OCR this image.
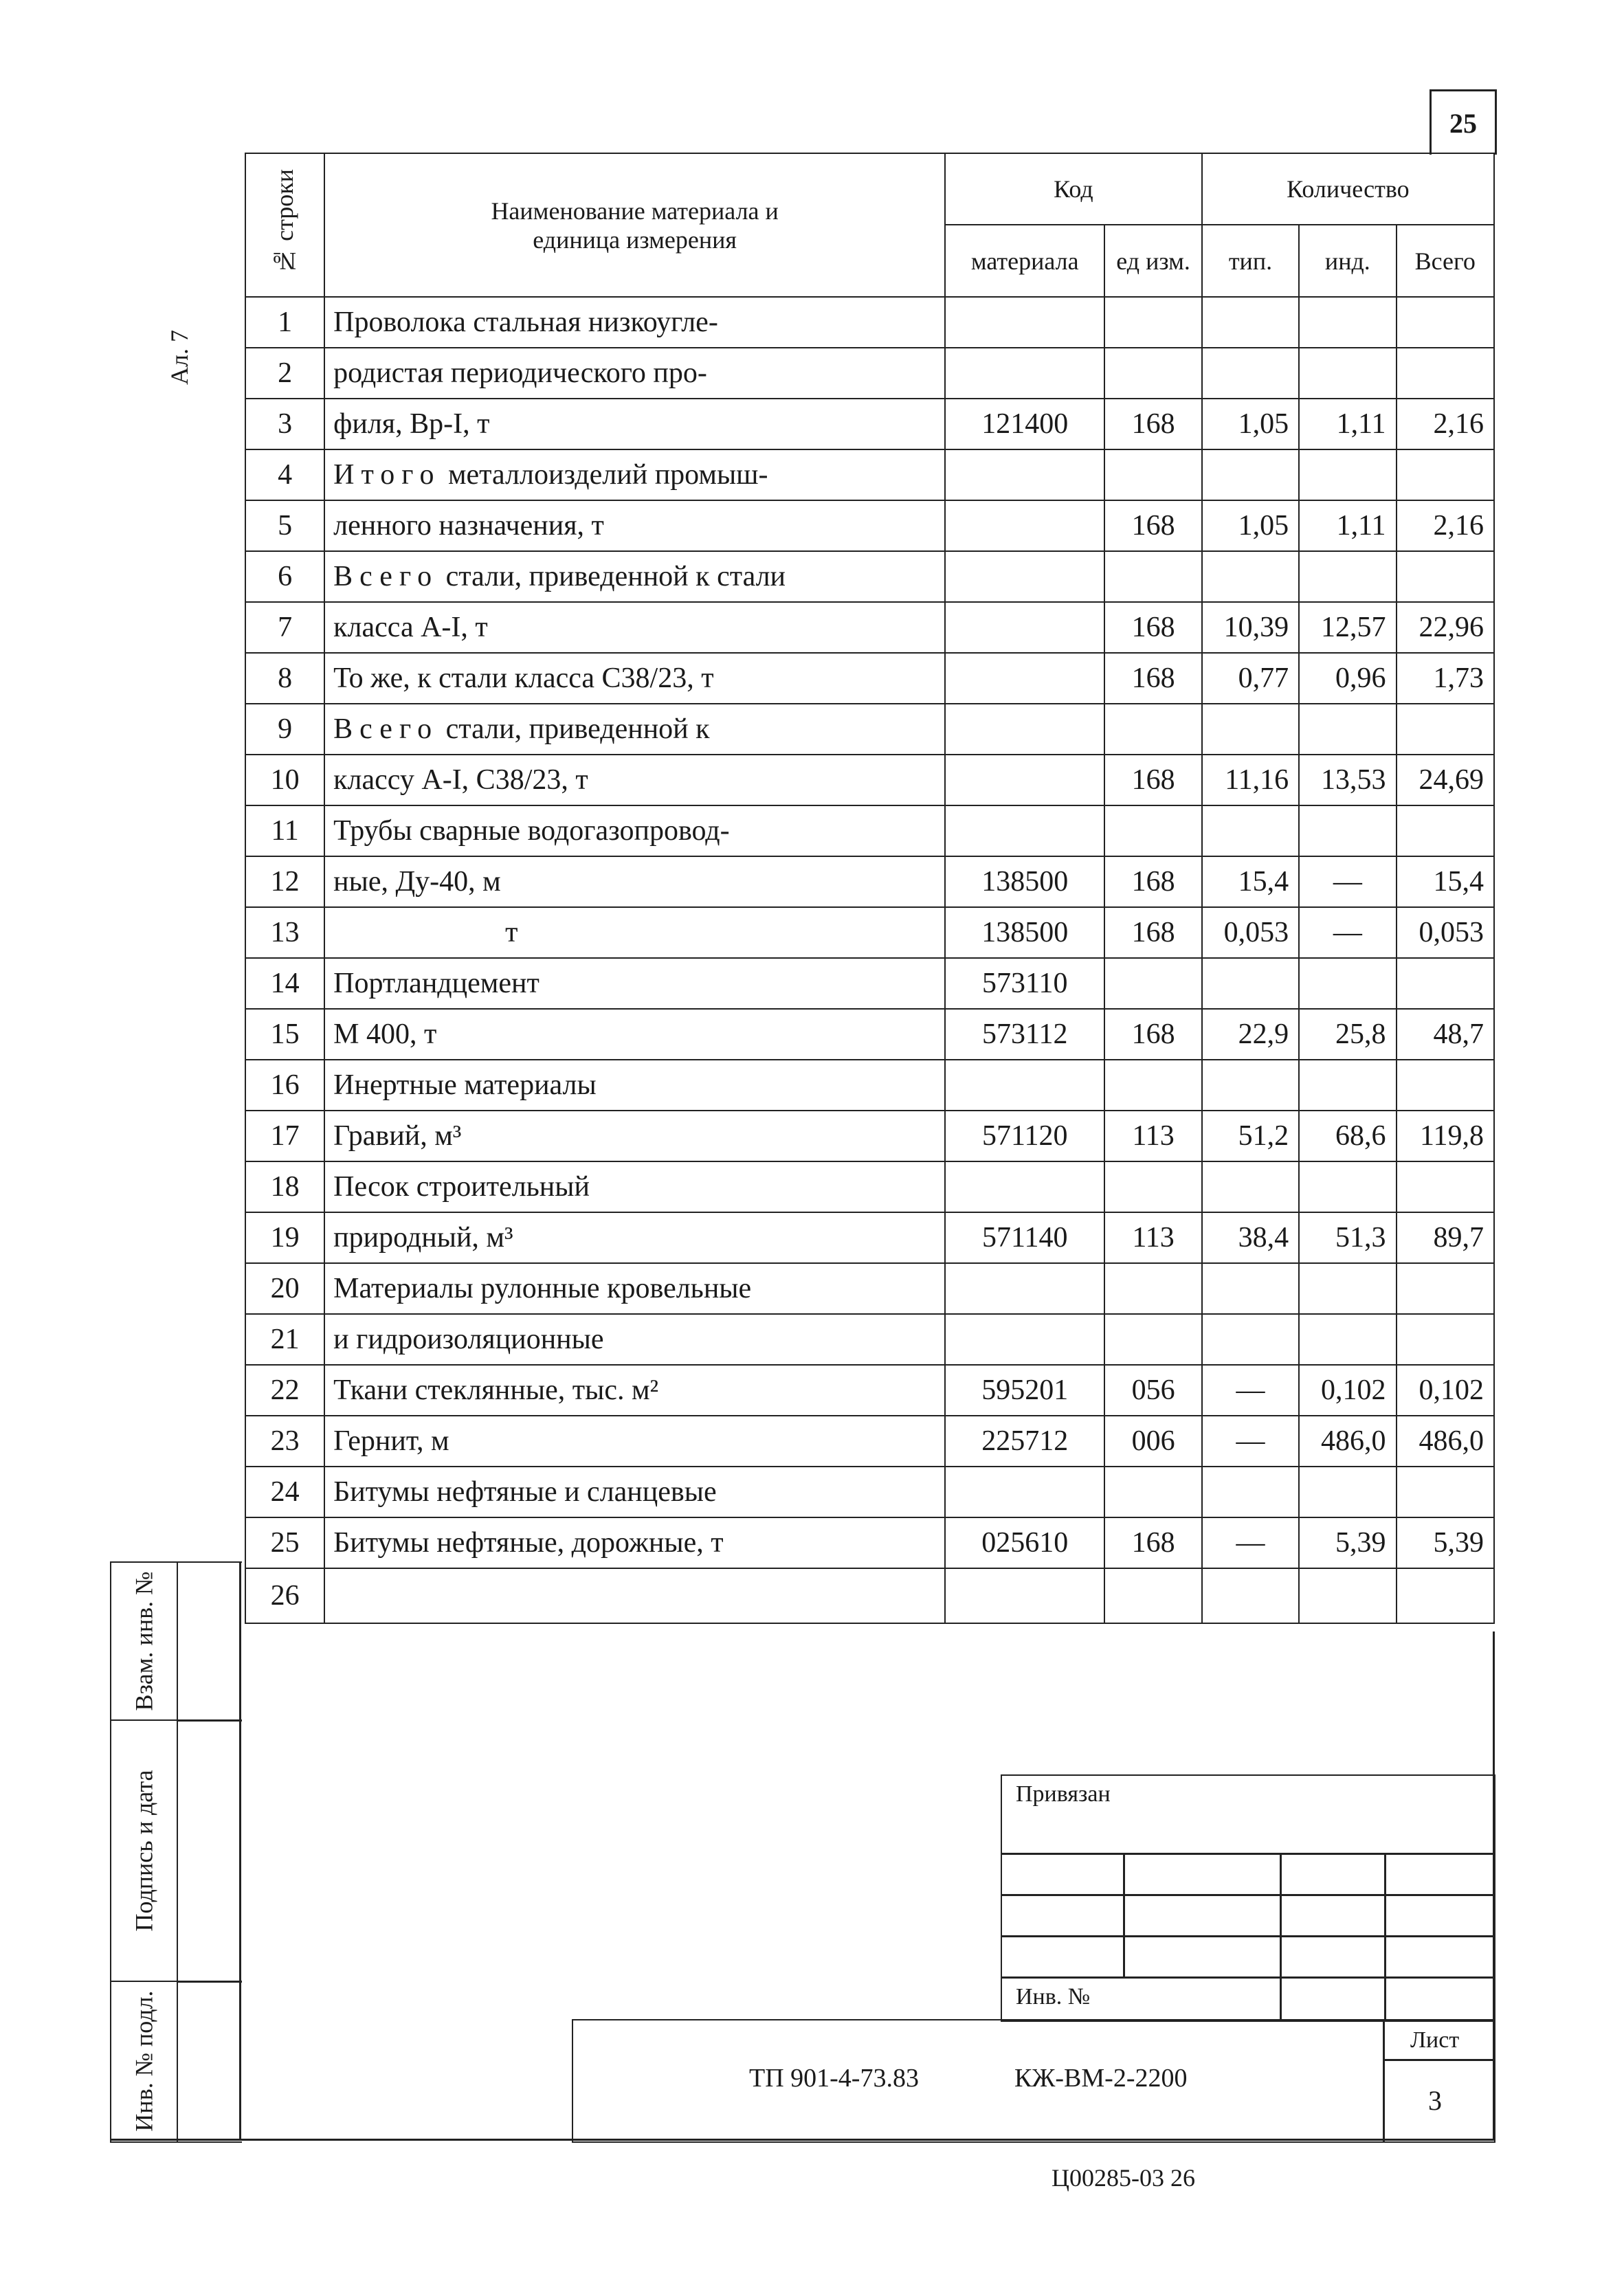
25
Ал. 7
№ строки	Наименование материала и единица измерения	Код		Количество		
		материала	ед изм.	тип.	инд.	Всего
1	Проволока стальная низкоугле-					
2	родистая периодического про-					
3	филя, Вр-I, т	121400	168	1,05	1,11	2,16
4	Итого металлоизделий промыш-					
5	ленного назначения, т		168	1,05	1,11	2,16
6	Всего стали, приведенной к стали					
7	класса А-I, т		168	10,39	12,57	22,96
8	То же, к стали класса С38/23, т		168	0,77	0,96	1,73
9	Всего стали, приведенной к					
10	классу А-I, С38/23, т		168	11,16	13,53	24,69
11	Трубы сварные водогазопровод-					
12	ные, Ду-40, м	138500	168	15,4	—	15,4
13	т	138500	168	0,053	—	0,053
14	Портландцемент	573110				
15	М 400, т	573112	168	22,9	25,8	48,7
16	Инертные материалы					
17	Гравий, м³	571120	113	51,2	68,6	119,8
18	Песок строительный					
19	природный, м³	571140	113	38,4	51,3	89,7
20	Материалы рулонные кровельные					
21	и гидроизоляционные					
22	Ткани стеклянные, тыс. м²	595201	056	—	0,102	0,102
23	Гернит, м	225712	006	—	486,0	486,0
24	Битумы нефтяные и сланцевые					
25	Битумы нефтяные, дорожные, т	025610	168	—	5,39	5,39
26						
Взам. инв. №
Подпись и дата
Инв. № подл.
Привязан
Инв. №
ТП 901-4-73.83	КЖ-ВМ-2-2200
Лист
3
Ц00285-03 26
